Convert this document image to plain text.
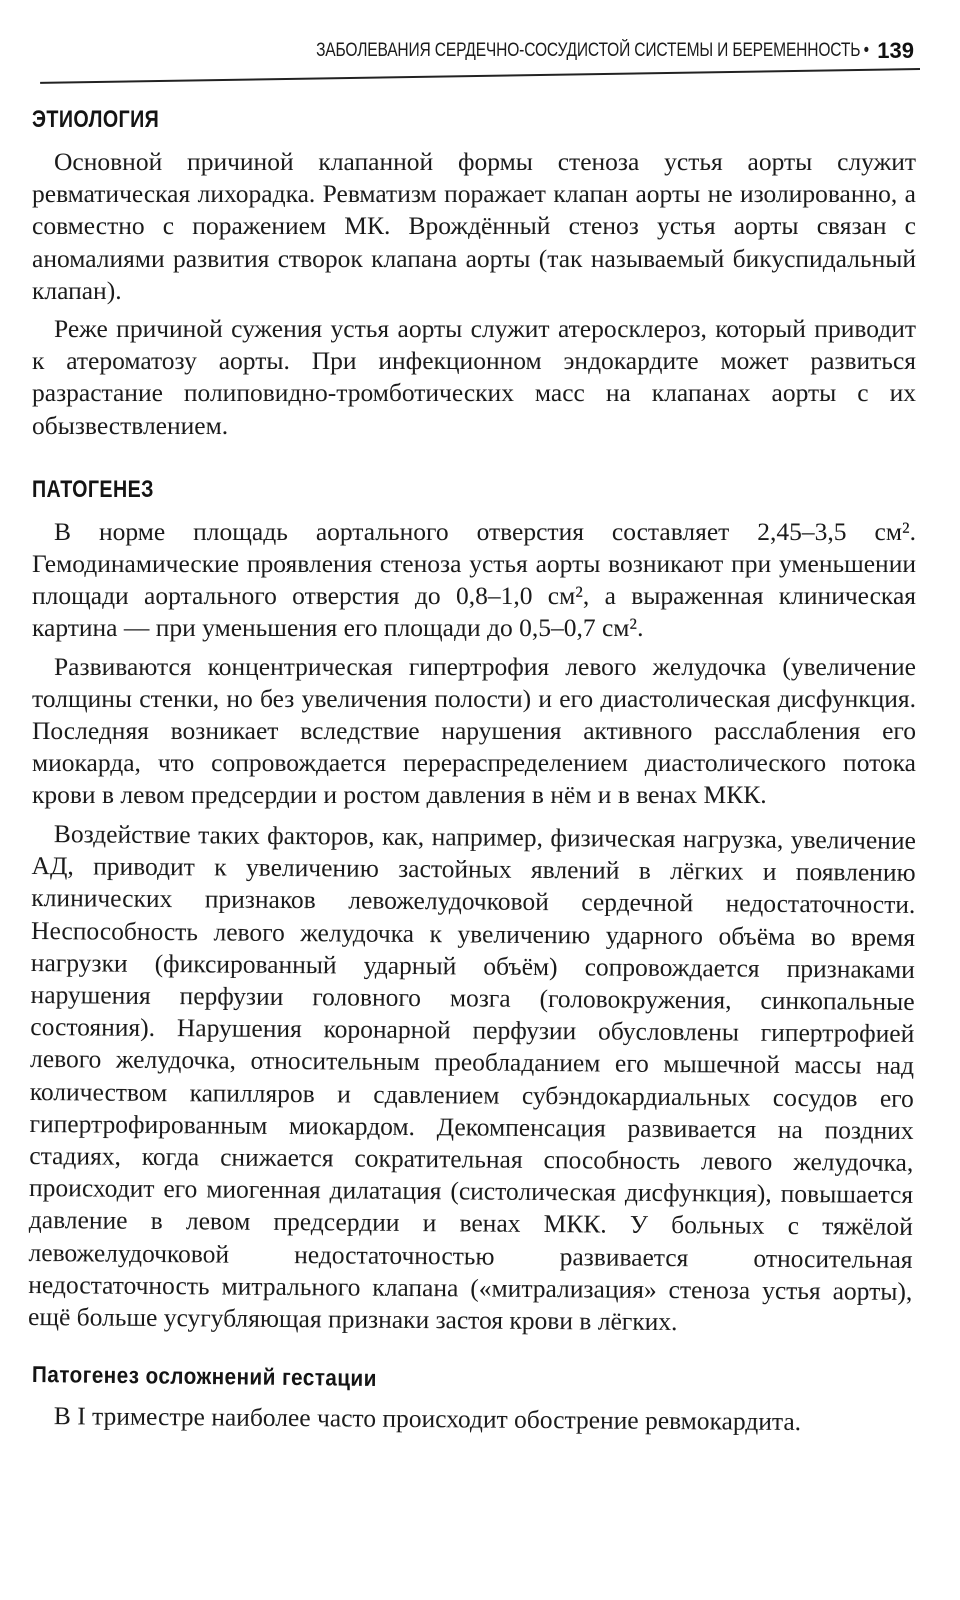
ЗАБОЛЕВАНИЯ СЕРДЕЧНО-СОСУДИСТОЙ СИСТЕМЫ И БЕРЕМЕННОСТЬ • 139
ЭТИОЛОГИЯ

Основной причиной клапанной формы стеноза устья аорты служит ревматическая лихорадка. Ревматизм поражает клапан аорты не изолированно, а совместно с поражением МК. Врождённый стеноз устья аорты связан с аномалиями развития створок клапана аорты (так называемый бикуспидальный клапан).

Реже причиной сужения устья аорты служит атеросклероз, который приводит к атероматозу аорты. При инфекционном эндокардите может развиться разрастание полиповидно-тромботических масс на клапанах аорты с их обызвествлением.

ПАТОГЕНЕЗ

В норме площадь аортального отверстия составляет 2,45–3,5 см². Гемодинамические проявления стеноза устья аорты возникают при уменьшении площади аортального отверстия до 0,8–1,0 см², а выраженная клиническая картина — при уменьшения его площади до 0,5–0,7 см².

Развиваются концентрическая гипертрофия левого желудочка (увеличение толщины стенки, но без увеличения полости) и его диастолическая дисфункция. Последняя возникает вследствие нарушения активного расслабления его миокарда, что сопровождается перераспределением диастолического потока крови в левом предсердии и ростом давления в нём и в венах МКК.

Воздействие таких факторов, как, например, физическая нагрузка, увеличение АД, приводит к увеличению застойных явлений в лёгких и появлению клинических признаков левожелудочковой сердечной недостаточности. Неспособность левого желудочка к увеличению ударного объёма во время нагрузки (фиксированный ударный объём) сопровождается признаками нарушения перфузии головного мозга (головокружения, синкопальные состояния). Нарушения коронарной перфузии обусловлены гипертрофией левого желудочка, относительным преобладанием его мышечной массы над количеством капилляров и сдавлением субэндокардиальных сосудов его гипертрофированным миокардом. Декомпенсация развивается на поздних стадиях, когда снижается сократительная способность левого желудочка, происходит его миогенная дилатация (систолическая дисфункция), повышается давление в левом предсердии и венах МКК. У больных с тяжёлой левожелудочковой недостаточностью развивается относительная недостаточность митрального клапана («митрализация» стеноза устья аорты), ещё больше усугубляющая признаки застоя крови в лёгких.

Патогенез осложнений гестации

В I триместре наиболее часто происходит обострение ревмокардита.
